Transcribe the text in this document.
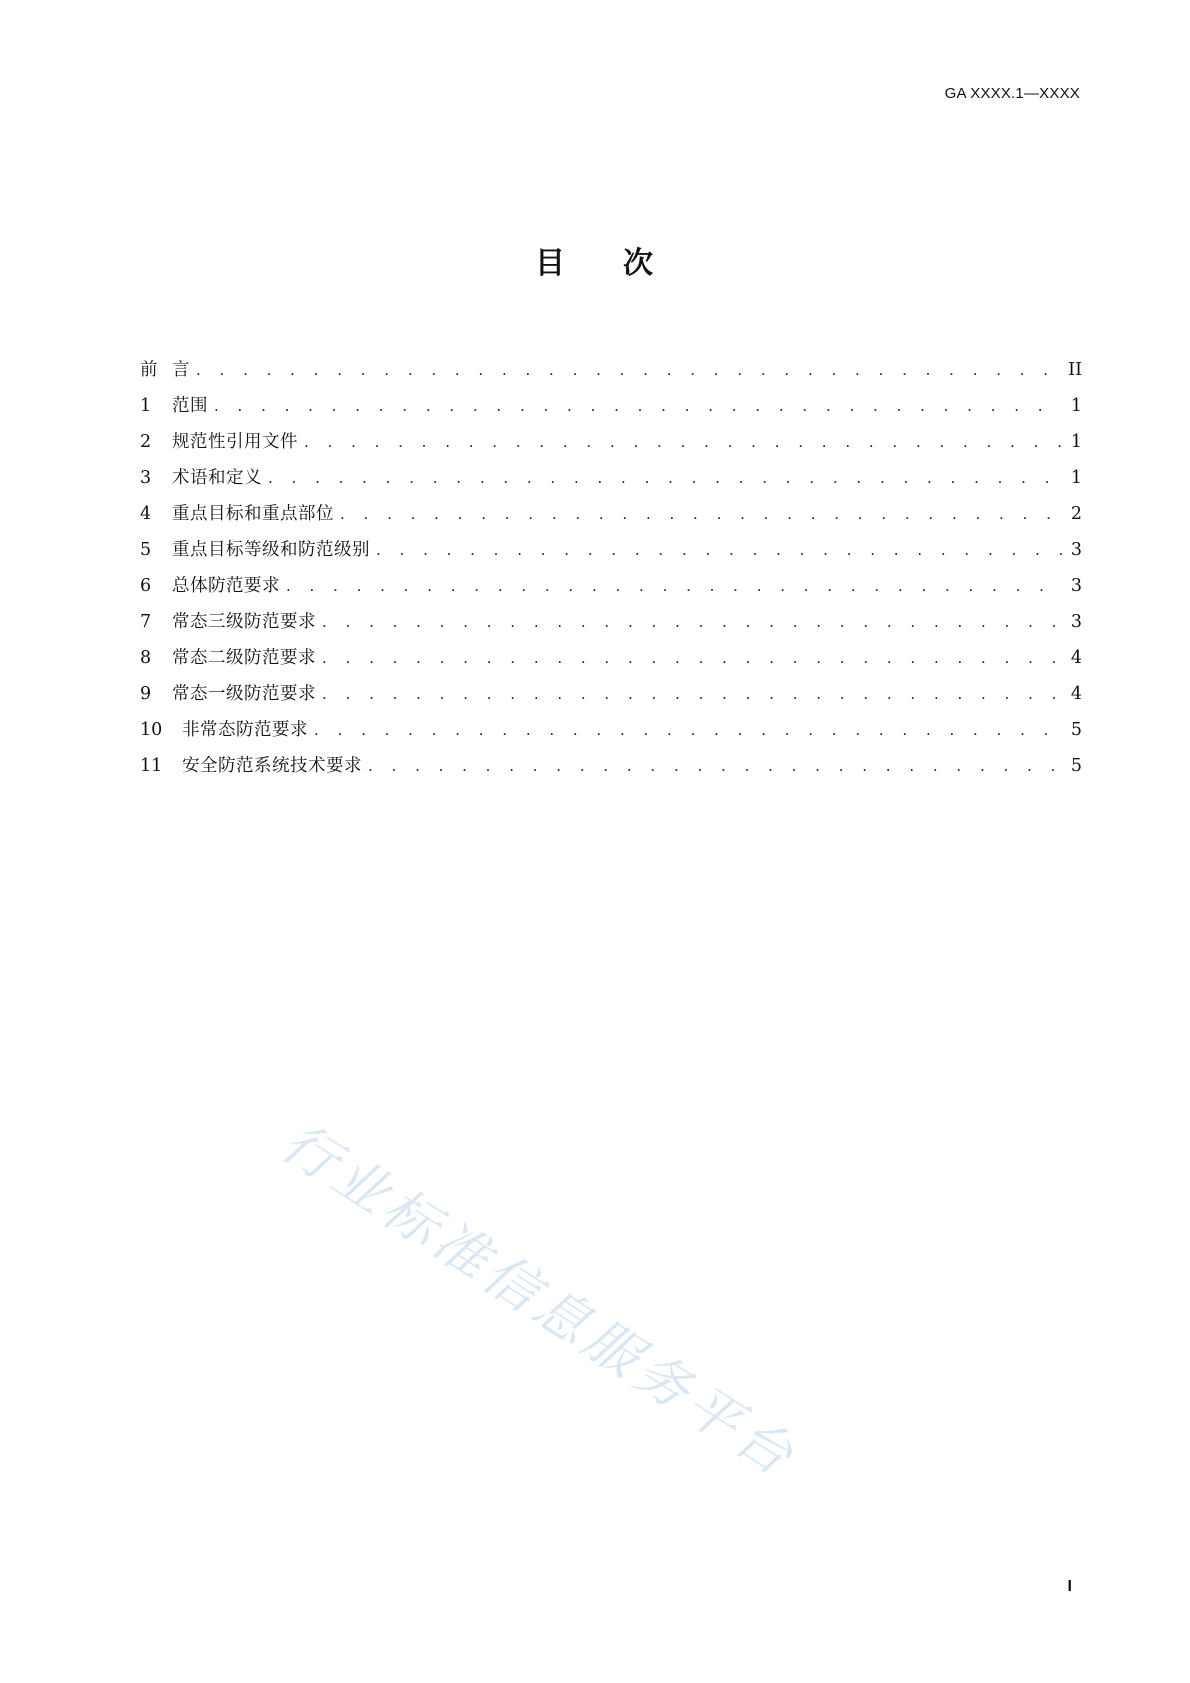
GA XXXX.1—XXXX
目 次
前 言 . . .	II
1	范围 . . .	1
2	规范性引用文件 . . .	1
3	术语和定义 . . .	1
4	重点目标和重点部位 . . .	2
5	重点目标等级和防范级别 . . .	3
6	总体防范要求 . . .	3
7	常态三级防范要求 . . .	3
8	常态二级防范要求 . . .	4
9	常态一级防范要求 . . .	4
10	非常态防范要求 . . .	5
11	安全防范系统技术要求 . . .	5
行业标准信息服务平台
I
